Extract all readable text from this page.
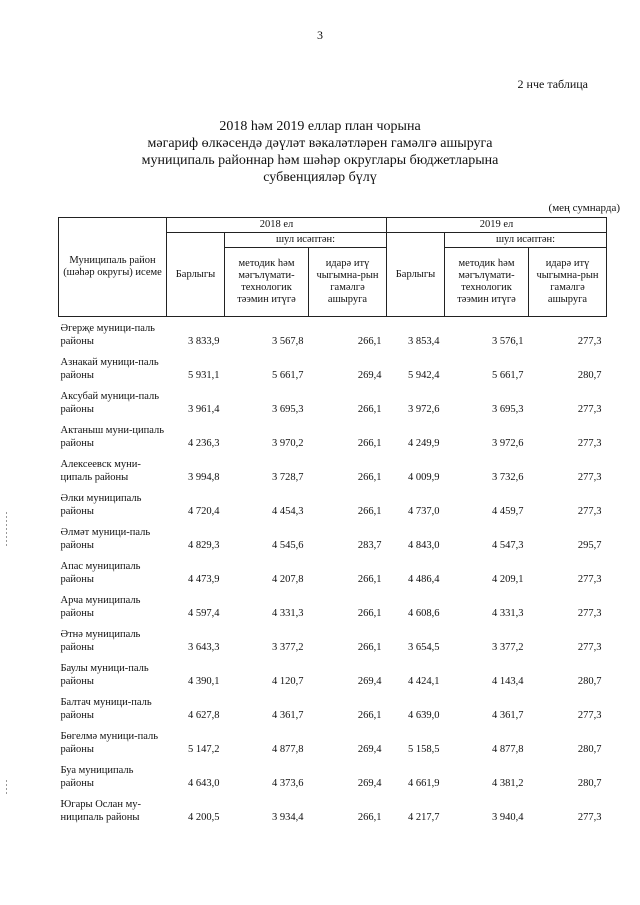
3
2 нче таблица
2018 һәм 2019 еллар план чорына
мәгариф өлкәсендә дәүләт вәкаләтләрен гамәлгә ашыруга
муниципаль районнар һәм шәһәр округлары бюджетларына
субвенцияләр бүлү
(мең сумнарда)
Муниципаль район (шәһәр округы) исеме	2018 ел			2019 ел		
	Барлыгы	шул исәптән:		Барлыгы	шул исәптән:	
		методик һәм мәгълүмати-технологик тәэмин итүгә	идарә итү чыгымна-рын гамәлгә ашыруга		методик һәм мәгълүмати-технологик тәэмин итүгә	идарә итү чыгымна-рын гамәлгә ашыруга
Әгерҗе муници-паль районы	3 833,9	3 567,8	266,1	3 853,4	3 576,1	277,3
Азнакай муници-паль районы	5 931,1	5 661,7	269,4	5 942,4	5 661,7	280,7
Аксубай муници-паль районы	3 961,4	3 695,3	266,1	3 972,6	3 695,3	277,3
Актаныш муни-ципаль районы	4 236,3	3 970,2	266,1	4 249,9	3 972,6	277,3
Алексеевск муни-ципаль районы	3 994,8	3 728,7	266,1	4 009,9	3 732,6	277,3
Әлки муниципаль районы	4 720,4	4 454,3	266,1	4 737,0	4 459,7	277,3
Әлмәт муници-паль районы	4 829,3	4 545,6	283,7	4 843,0	4 547,3	295,7
Апас муниципаль районы	4 473,9	4 207,8	266,1	4 486,4	4 209,1	277,3
Арча муниципаль районы	4 597,4	4 331,3	266,1	4 608,6	4 331,3	277,3
Әтнә муниципаль районы	3 643,3	3 377,2	266,1	3 654,5	3 377,2	277,3
Баулы муници-паль районы	4 390,1	4 120,7	269,4	4 424,1	4 143,4	280,7
Балтач муници-паль районы	4 627,8	4 361,7	266,1	4 639,0	4 361,7	277,3
Бөгелмә муници-паль районы	5 147,2	4 877,8	269,4	5 158,5	4 877,8	280,7
Буа муниципаль районы	4 643,0	4 373,6	269,4	4 661,9	4 381,2	280,7
Югары Ослан му-ниципаль районы	4 200,5	3 934,4	266,1	4 217,7	3 940,4	277,3
